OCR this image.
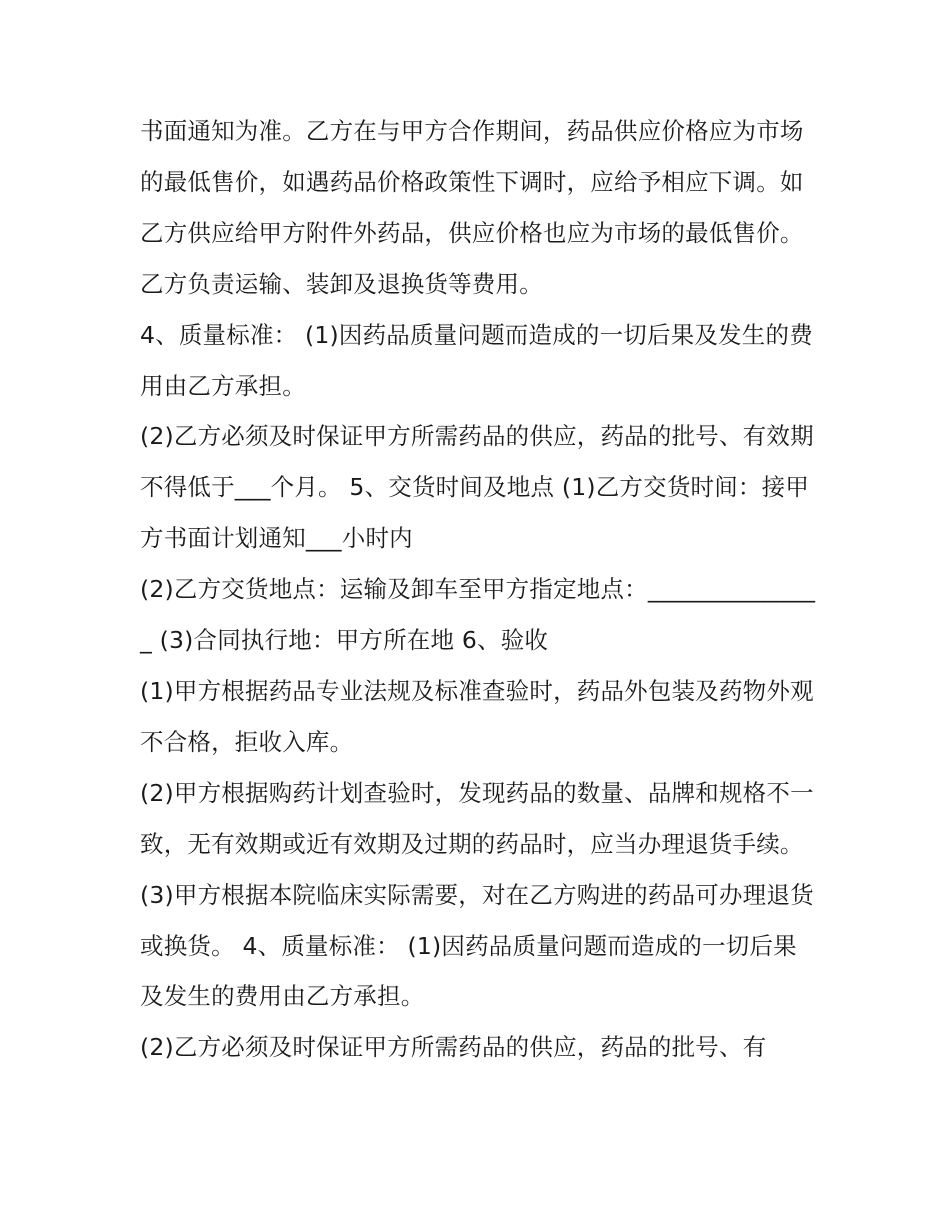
书面通知为准。乙方在与甲方合作期间，药品供应价格应为市场的最低售价，如遇药品价格政策性下调时，应给予相应下调。如乙方供应给甲方附件外药品，供应价格也应为市场的最低售价。乙方负责运输、装卸及退换货等费用。

4、质量标准： (1)因药品质量问题而造成的一切后果及发生的费用由乙方承担。

(2)乙方必须及时保证甲方所需药品的供应，药品的批号、有效期不得低于___个月。 5、交货时间及地点 (1)乙方交货时间：接甲方书面计划通知___小时内

(2)乙方交货地点：运输及卸车至甲方指定地点：_______________ (3)合同执行地：甲方所在地 6、验收

(1)甲方根据药品专业法规及标准查验时，药品外包装及药物外观不合格，拒收入库。

(2)甲方根据购药计划查验时，发现药品的数量、品牌和规格不一致，无有效期或近有效期及过期的药品时，应当办理退货手续。

(3)甲方根据本院临床实际需要，对在乙方购进的药品可办理退货或换货。 4、质量标准： (1)因药品质量问题而造成的一切后果及发生的费用由乙方承担。

(2)乙方必须及时保证甲方所需药品的供应，药品的批号、有
